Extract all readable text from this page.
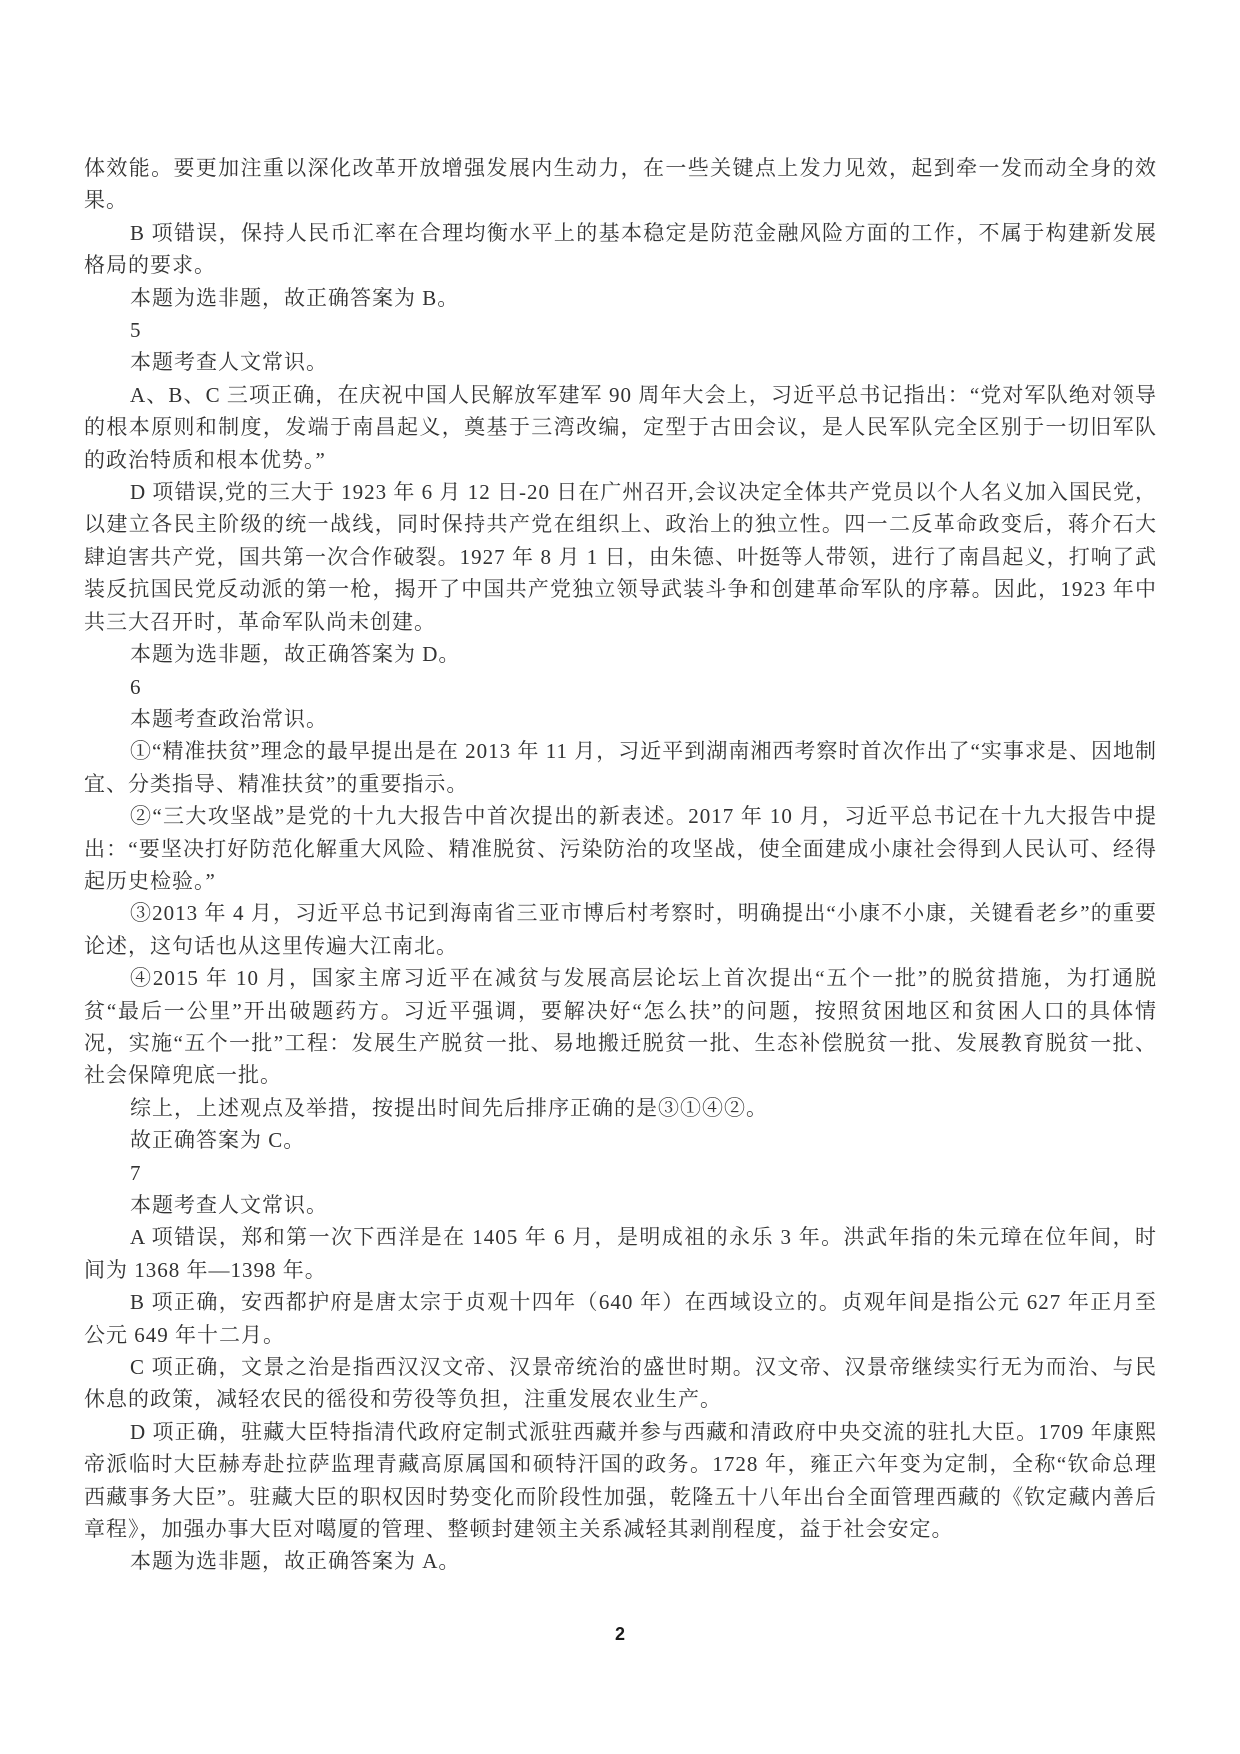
体效能。要更加注重以深化改革开放增强发展内生动力，在一些关键点上发力见效，起到牵一发而动全身的效果。

B 项错误，保持人民币汇率在合理均衡水平上的基本稳定是防范金融风险方面的工作，不属于构建新发展格局的要求。

本题为选非题，故正确答案为 B。

5

本题考查人文常识。

A、B、C 三项正确，在庆祝中国人民解放军建军 90 周年大会上，习近平总书记指出：“党对军队绝对领导的根本原则和制度，发端于南昌起义，奠基于三湾改编，定型于古田会议，是人民军队完全区别于一切旧军队的政治特质和根本优势。”

D 项错误,党的三大于 1923 年 6 月 12 日-20 日在广州召开,会议决定全体共产党员以个人名义加入国民党，以建立各民主阶级的统一战线，同时保持共产党在组织上、政治上的独立性。四一二反革命政变后，蒋介石大肆迫害共产党，国共第一次合作破裂。1927 年 8 月 1 日，由朱德、叶挺等人带领，进行了南昌起义，打响了武装反抗国民党反动派的第一枪，揭开了中国共产党独立领导武装斗争和创建革命军队的序幕。因此，1923 年中共三大召开时，革命军队尚未创建。

本题为选非题，故正确答案为 D。

6

本题考查政治常识。

①“精准扶贫”理念的最早提出是在 2013 年 11 月，习近平到湖南湘西考察时首次作出了“实事求是、因地制宜、分类指导、精准扶贫”的重要指示。

②“三大攻坚战”是党的十九大报告中首次提出的新表述。2017 年 10 月，习近平总书记在十九大报告中提出：“要坚决打好防范化解重大风险、精准脱贫、污染防治的攻坚战，使全面建成小康社会得到人民认可、经得起历史检验。”

③2013 年 4 月，习近平总书记到海南省三亚市博后村考察时，明确提出“小康不小康，关键看老乡”的重要论述，这句话也从这里传遍大江南北。

④2015 年 10 月，国家主席习近平在减贫与发展高层论坛上首次提出“五个一批”的脱贫措施，为打通脱贫“最后一公里”开出破题药方。习近平强调，要解决好“怎么扶”的问题，按照贫困地区和贫困人口的具体情况，实施“五个一批”工程：发展生产脱贫一批、易地搬迁脱贫一批、生态补偿脱贫一批、发展教育脱贫一批、社会保障兜底一批。

综上，上述观点及举措，按提出时间先后排序正确的是③①④②。

故正确答案为 C。

7

本题考查人文常识。

A 项错误，郑和第一次下西洋是在 1405 年 6 月，是明成祖的永乐 3 年。洪武年指的朱元璋在位年间，时间为 1368 年—1398 年。

B 项正确，安西都护府是唐太宗于贞观十四年（640 年）在西域设立的。贞观年间是指公元 627 年正月至公元 649 年十二月。

C 项正确，文景之治是指西汉汉文帝、汉景帝统治的盛世时期。汉文帝、汉景帝继续实行无为而治、与民休息的政策，减轻农民的徭役和劳役等负担，注重发展农业生产。

D 项正确，驻藏大臣特指清代政府定制式派驻西藏并参与西藏和清政府中央交流的驻扎大臣。1709 年康熙帝派临时大臣赫寿赴拉萨监理青藏高原属国和硕特汗国的政务。1728 年，雍正六年变为定制，全称“钦命总理西藏事务大臣”。驻藏大臣的职权因时势变化而阶段性加强，乾隆五十八年出台全面管理西藏的《钦定藏内善后章程》，加强办事大臣对噶厦的管理、整顿封建领主关系减轻其剥削程度，益于社会安定。

本题为选非题，故正确答案为 A。

2
